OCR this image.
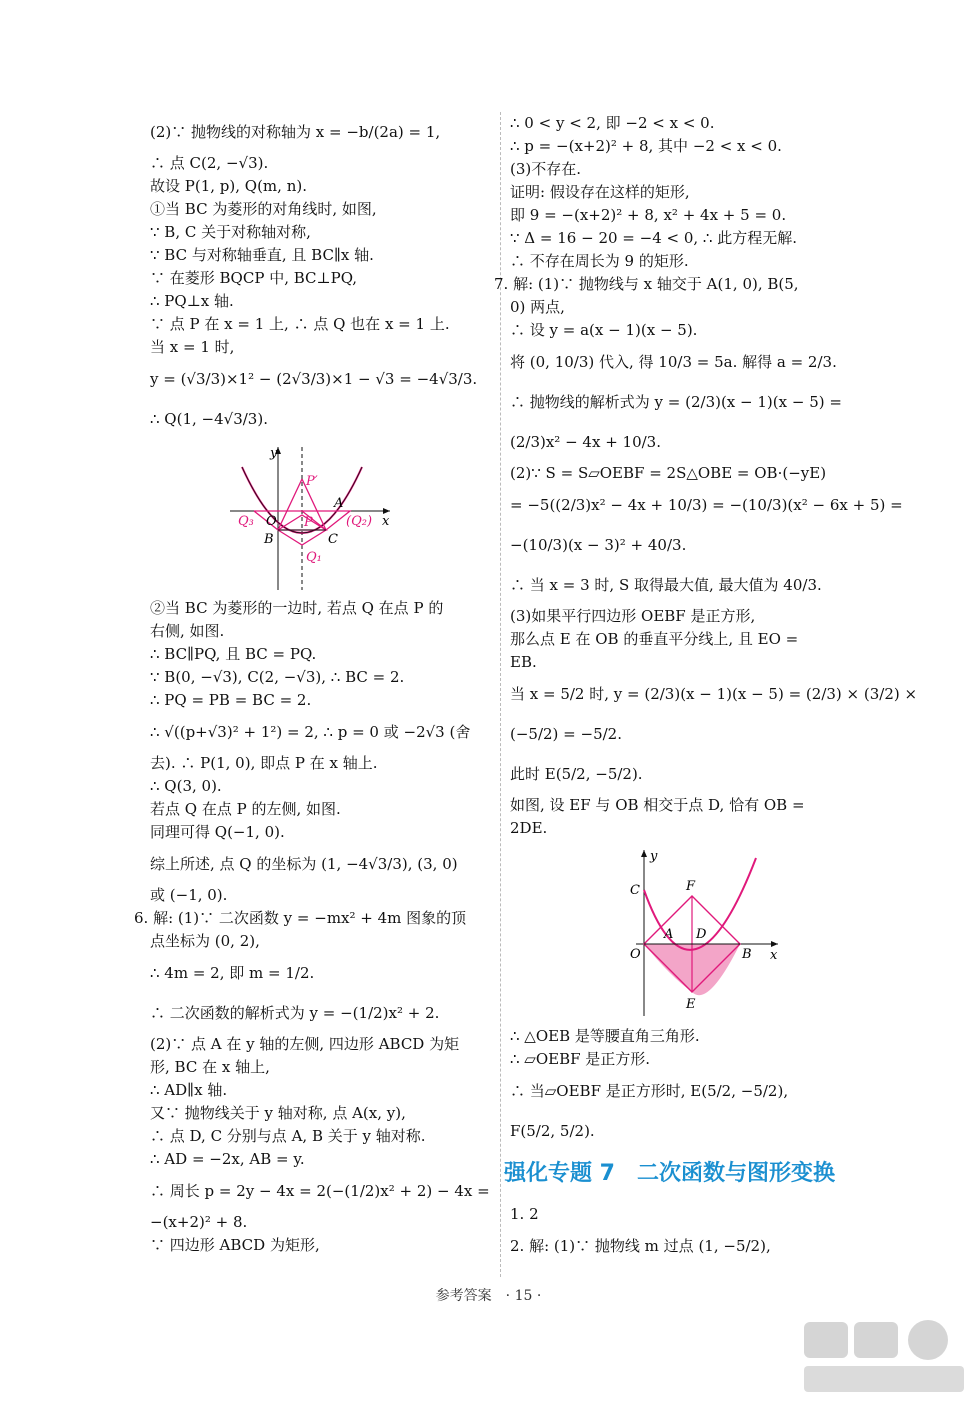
(2)∵ 抛物线的对称轴为 x = −b/(2a) = 1,
∴ 点 C(2, −√3).
故设 P(1, p), Q(m, n).
①当 BC 为菱形的对角线时, 如图,
∵ B, C 关于对称轴对称,
∵ BC 与对称轴垂直, 且 BC∥x 轴.
∵ 在菱形 BQCP 中, BC⊥PQ,
∴ PQ⊥x 轴.
∵ 点 P 在 x = 1 上, ∴ 点 Q 也在 x = 1 上.
当 x = 1 时,
y = (√3/3)×1² − (2√3/3)×1 − √3 = −4√3/3.
∴ Q(1, −4√3/3).
y
x
O
A
B	C
P′
P
Q₁
(Q₂)
Q₃
②当 BC 为菱形的一边时, 若点 Q 在点 P 的
右侧, 如图.
∴ BC∥PQ, 且 BC = PQ.
∵ B(0, −√3), C(2, −√3), ∴ BC = 2.
∴ PQ = PB = BC = 2.
∴ √((p+√3)² + 1²) = 2, ∴ p = 0 或 −2√3 (舍
去). ∴ P(1, 0), 即点 P 在 x 轴上.
∴ Q(3, 0).
若点 Q 在点 P 的左侧, 如图.
同理可得 Q(−1, 0).
综上所述, 点 Q 的坐标为 (1, −4√3/3), (3, 0)
或 (−1, 0).
6. 解: (1)∵ 二次函数 y = −mx² + 4m 图象的顶
点坐标为 (0, 2),
∴ 4m = 2, 即 m = 1/2.
∴ 二次函数的解析式为 y = −(1/2)x² + 2.
(2)∵ 点 A 在 y 轴的左侧, 四边形 ABCD 为矩
形, BC 在 x 轴上,
∴ AD∥x 轴.
又∵ 抛物线关于 y 轴对称, 点 A(x, y),
∴ 点 D, C 分别与点 A, B 关于 y 轴对称.
∴ AD = −2x, AB = y.
∴ 周长 p = 2y − 4x = 2(−(1/2)x² + 2) − 4x =
−(x+2)² + 8.
∵ 四边形 ABCD 为矩形,
∴ 0 < y < 2, 即 −2 < x < 0.
∴ p = −(x+2)² + 8, 其中 −2 < x < 0.
(3)不存在.
证明: 假设存在这样的矩形,
即 9 = −(x+2)² + 8, x² + 4x + 5 = 0.
∵ Δ = 16 − 20 = −4 < 0, ∴ 此方程无解.
∴ 不存在周长为 9 的矩形.
7. 解: (1)∵ 抛物线与 x 轴交于 A(1, 0), B(5,
0) 两点,
∴ 设 y = a(x − 1)(x − 5).
将 (0, 10/3) 代入, 得 10/3 = 5a. 解得 a = 2/3.
∴ 抛物线的解析式为 y = (2/3)(x − 1)(x − 5) =
(2/3)x² − 4x + 10/3.
(2)∵ S = S▱OEBF = 2S△OBE = OB·(−yE)
= −5((2/3)x² − 4x + 10/3) = −(10/3)(x² − 6x + 5) =
−(10/3)(x − 3)² + 40/3.
∴ 当 x = 3 时, S 取得最大值, 最大值为 40/3.
(3)如果平行四边形 OEBF 是正方形,
那么点 E 在 OB 的垂直平分线上, 且 EO =
EB.
当 x = 5/2 时, y = (2/3)(x − 1)(x − 5) = (2/3) × (3/2) ×
(−5/2) = −5/2.
此时 E(5/2, −5/2).
如图, 设 EF 与 OB 相交于点 D, 恰有 OB =
2DE.
y
x
O
A
B
C
D
E
F
∴ △OEB 是等腰直角三角形.
∴ ▱OEBF 是正方形.
∴ 当▱OEBF 是正方形时, E(5/2, −5/2),
F(5/2, 5/2).
强化专题 7　二次函数与图形变换
1. 2
2. 解: (1)∵ 抛物线 m 过点 (1, −5/2),
参考答案　· 15 ·
